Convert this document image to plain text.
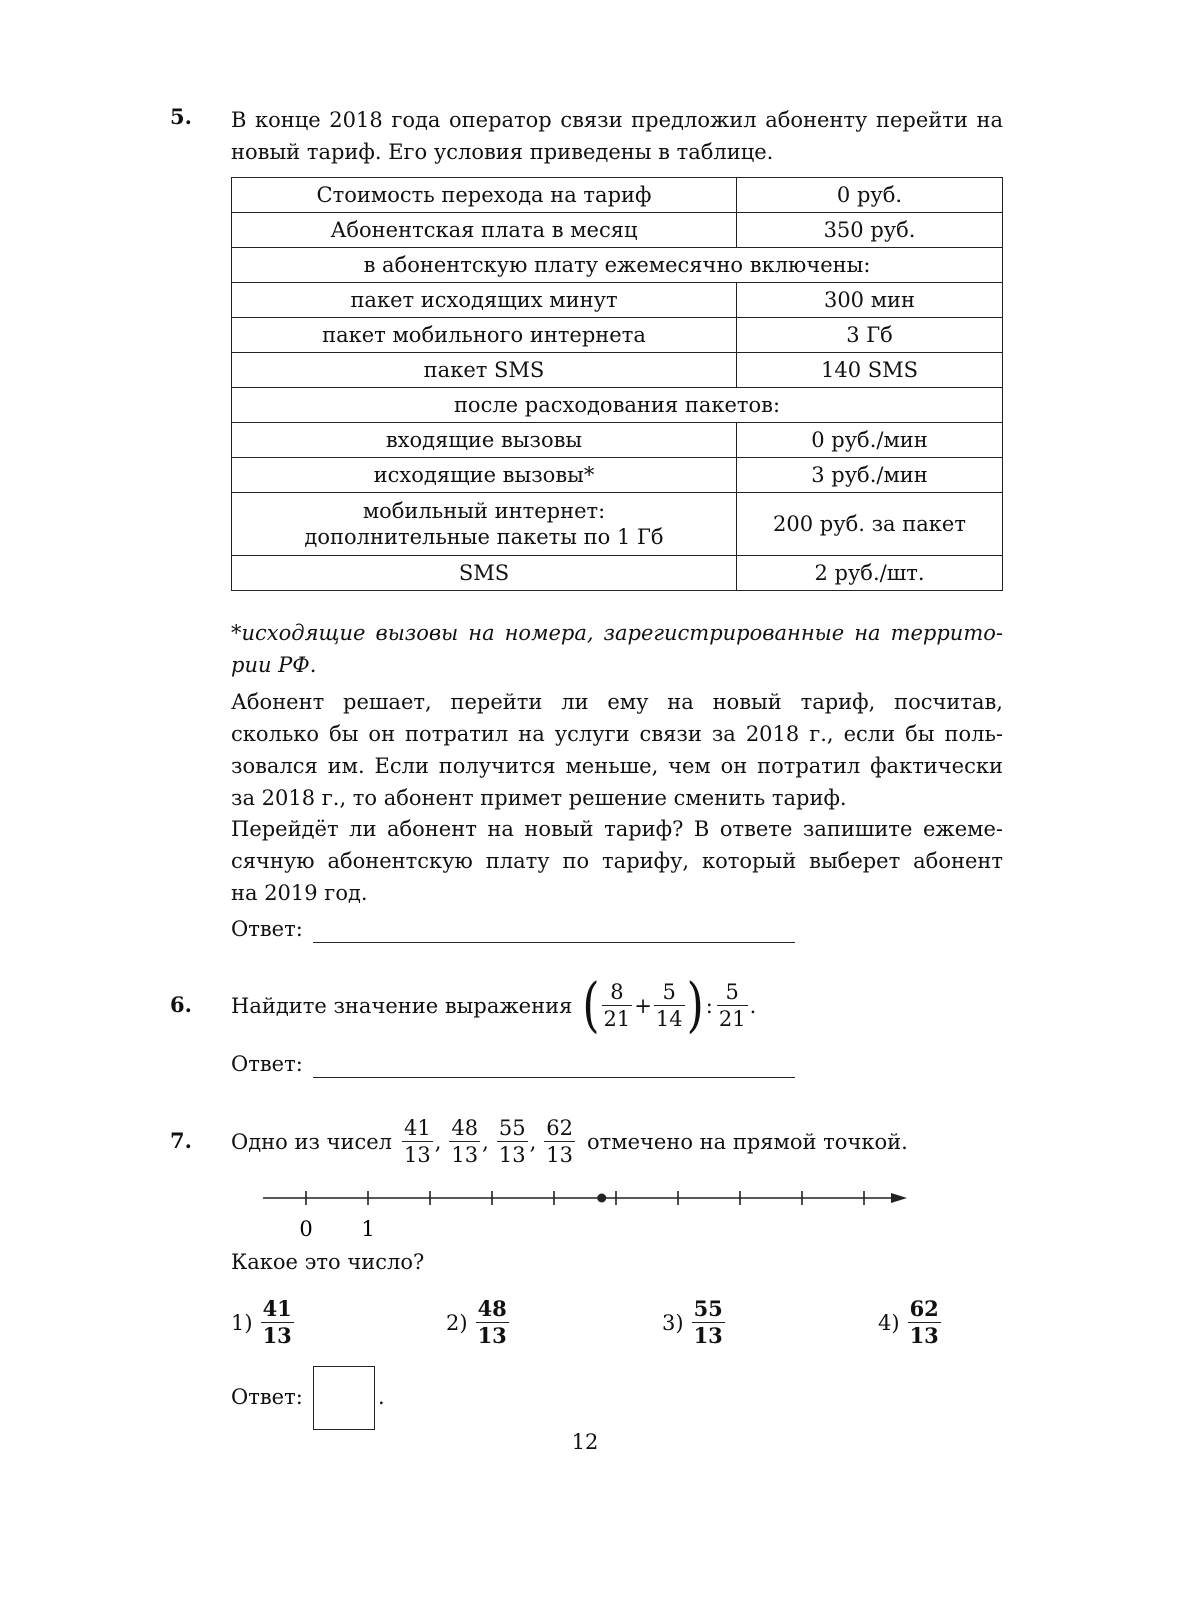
5. В конце 2018 года оператор связи предложил абоненту перейти на
новый тариф. Его условия приведены в таблице.
Стоимость перехода на тариф	0 руб.
Абонентская плата в месяц	350 руб.
в абонентскую плату ежемесячно включены:	
пакет исходящих минут	300 мин
пакет мобильного интернета	3 Гб
пакет SMS	140 SMS
после расходования пакетов:	
входящие вызовы	0 руб./мин
исходящие вызовы*	3 руб./мин

мобильный интернет:
дополнительные пакеты по 1 Гб	200 руб. за пакет
SMS	2 руб./шт.
*исходящие вызовы на номера, зарегистрированные на террито-
рии РФ.
Абонент решает, перейти ли ему на новый тариф, посчитав,
сколько бы он потратил на услуги связи за 2018 г., если бы поль-
зовался им. Если получится меньше, чем он потратил фактически
за 2018 г., то абонент примет решение сменить тариф.
Перейдёт ли абонент на новый тариф? В ответе запишите ежеме-
сячную абонентскую плату по тарифу, который выберет абонент
на 2019 год.
Ответ:
6. Найдите значение выражения ( $\frac{8}{21} + \frac{5}{14}$ ) : $\frac{5}{21}$ .
Ответ:
7. Одно из чисел $\frac{41}{13}$ , $\frac{48}{13}$ , $\frac{55}{13}$ , $\frac{62}{13}$ отмечено на прямой точкой.
0 1
Какое это число?
$1) \frac{41}{13}$	$2) \frac{48}{13}$	$3) \frac{55}{13}$	$4) \frac{62}{13}$
Ответ:	.
12
